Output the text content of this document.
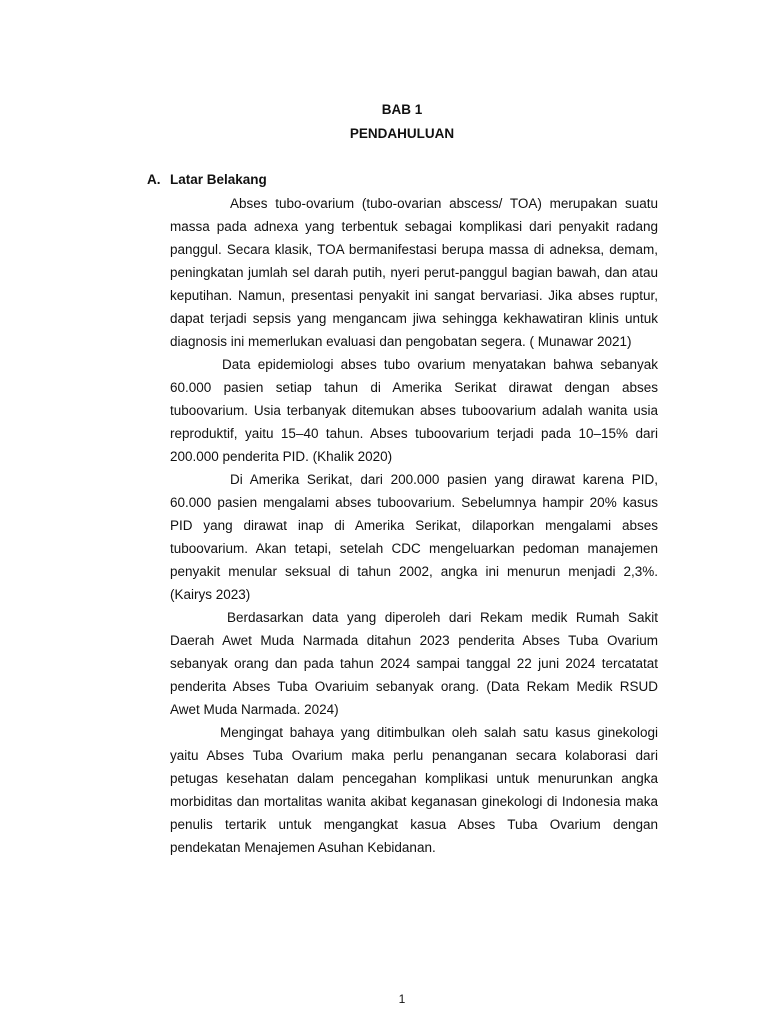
BAB 1
PENDAHULUAN
A. Latar Belakang

Abses tubo-ovarium (tubo-ovarian abscess/ TOA) merupakan suatu massa pada adnexa yang terbentuk sebagai komplikasi dari penyakit radang panggul. Secara klasik, TOA bermanifestasi berupa massa di adneksa, demam, peningkatan jumlah sel darah putih, nyeri perut-panggul bagian bawah, dan atau keputihan. Namun, presentasi penyakit ini sangat bervariasi. Jika abses ruptur, dapat terjadi sepsis yang mengancam jiwa sehingga kekhawatiran klinis untuk diagnosis ini memerlukan evaluasi dan pengobatan segera. ( Munawar 2021)

Data epidemiologi abses tubo ovarium menyatakan bahwa sebanyak 60.000 pasien setiap tahun di Amerika Serikat dirawat dengan abses tuboovarium. Usia terbanyak ditemukan abses tuboovarium adalah wanita usia reproduktif, yaitu 15–40 tahun. Abses tuboovarium terjadi pada 10–15% dari 200.000 penderita PID. (Khalik 2020)

Di Amerika Serikat, dari 200.000 pasien yang dirawat karena PID, 60.000 pasien mengalami abses tuboovarium. Sebelumnya hampir 20% kasus PID yang dirawat inap di Amerika Serikat, dilaporkan mengalami abses tuboovarium. Akan tetapi, setelah CDC mengeluarkan pedoman manajemen penyakit menular seksual di tahun 2002, angka ini menurun menjadi 2,3%. (Kairys 2023)

Berdasarkan data yang diperoleh dari Rekam medik Rumah Sakit Daerah Awet Muda Narmada ditahun 2023 penderita Abses Tuba Ovarium sebanyak orang dan pada tahun 2024 sampai tanggal 22 juni 2024 tercatatat penderita Abses Tuba Ovariuim sebanyak orang. (Data Rekam Medik RSUD Awet Muda Narmada. 2024)

Mengingat bahaya yang ditimbulkan oleh salah satu kasus ginekologi yaitu Abses Tuba Ovarium maka perlu penanganan secara kolaborasi dari petugas kesehatan dalam pencegahan komplikasi untuk menurunkan angka morbiditas dan mortalitas wanita akibat keganasan ginekologi di Indonesia maka penulis tertarik untuk mengangkat kasua Abses Tuba Ovarium dengan pendekatan Menajemen Asuhan Kebidanan.

1
